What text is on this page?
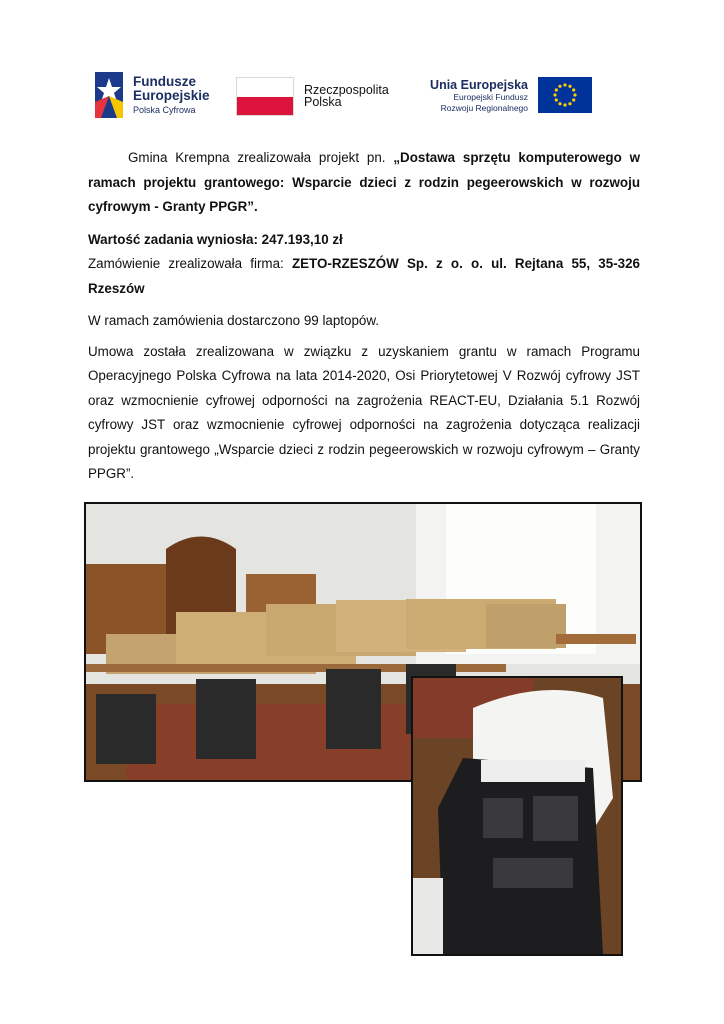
Fundusze
Europejskie
Polska Cyfrowa
Rzeczpospolita
Polska
Unia Europejska
Europejski Fundusz
Rozwoju Regionalnego

Gmina Krempna zrealizowała projekt pn. „Dostawa sprzętu komputerowego w ramach projektu grantowego: Wsparcie dzieci z rodzin pegeerowskich w rozwoju cyfrowym - Granty PPGR”.

Wartość zadania wyniosła: 247.193,10 zł

Zamówienie zrealizowała firma: ZETO-RZESZÓW Sp. z o. o. ul. Rejtana 55, 35-326 Rzeszów

W ramach zamówienia dostarczono 99 laptopów.

Umowa została zrealizowana w związku z uzyskaniem grantu w ramach Programu Operacyjnego Polska Cyfrowa na lata 2014-2020, Osi Priorytetowej V Rozwój cyfrowy JST oraz wzmocnienie cyfrowej odporności na zagrożenia REACT-EU, Działania 5.1 Rozwój cyfrowy JST oraz wzmocnienie cyfrowej odporności na zagrożenia dotycząca realizacji projektu grantowego „Wsparcie dzieci z rodzin pegeerowskich w rozwoju cyfrowym – Granty PPGR”.
